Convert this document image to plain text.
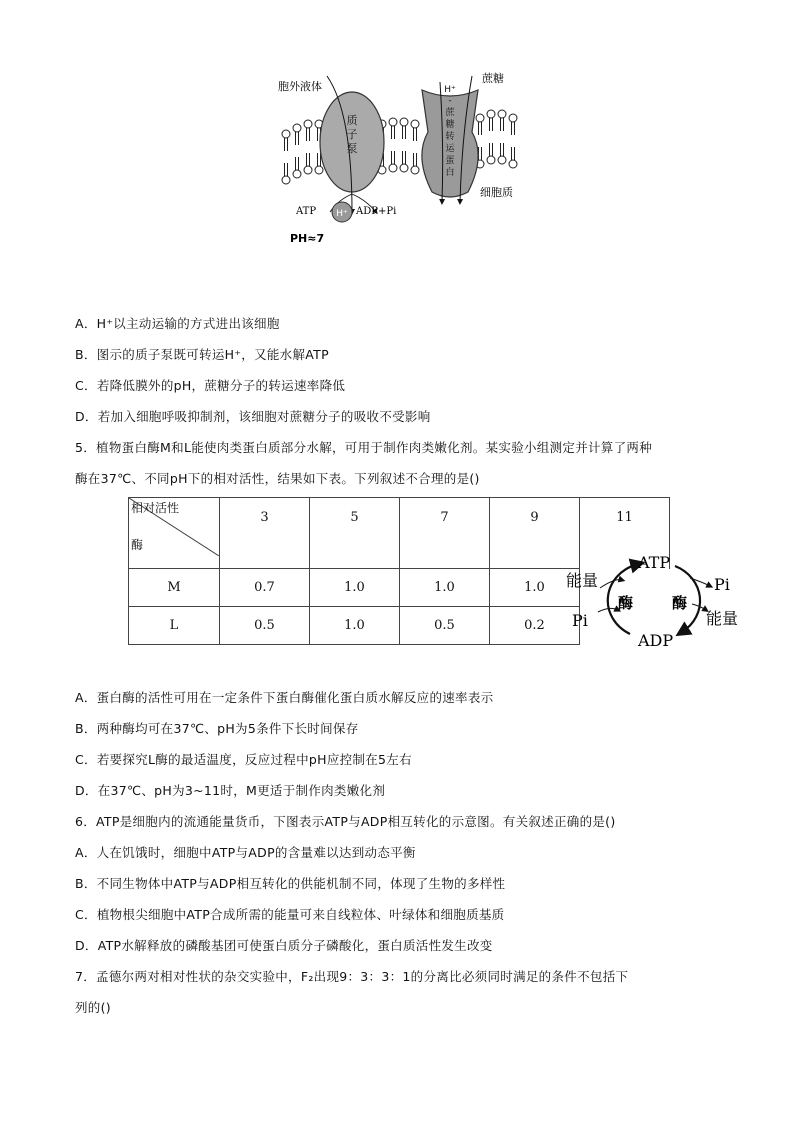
H⁺
胞外液体
蔗糖
细胞质
ATP	ADP+Pi
PH≈7
质子泵
H⁺ -蔗糖转运蛋白
A．H⁺以主动运输的方式进出该细胞
B．图示的质子泵既可转运H⁺，又能水解ATP
C．若降低膜外的pH，蔗糖分子的转运速率降低
D．若加入细胞呼吸抑制剂，该细胞对蔗糖分子的吸收不受影响
5．植物蛋白酶M和L能使肉类蛋白质部分水解，可用于制作肉类嫩化剂。某实验小组测定并计算了两种
酶在37℃、不同pH下的相对活性，结果如下表。下列叙述不合理的是()
相对活性
酶	3	5	7	9	11
M	0.7	1.0	1.0	1.0	
L	0.5	1.0	0.5	0.2	
ATP
ADP
能量
Pi
Pi
能量
酶	酶
A．蛋白酶的活性可用在一定条件下蛋白酶催化蛋白质水解反应的速率表示
B．两种酶均可在37℃、pH为5条件下长时间保存
C．若要探究L酶的最适温度，反应过程中pH应控制在5左右
D．在37℃、pH为3~11时，M更适于制作肉类嫩化剂
6．ATP是细胞内的流通能量货币，下图表示ATP与ADP相互转化的示意图。有关叙述正确的是()
A．人在饥饿时，细胞中ATP与ADP的含量难以达到动态平衡
B．不同生物体中ATP与ADP相互转化的供能机制不同，体现了生物的多样性
C．植物根尖细胞中ATP合成所需的能量可来自线粒体、叶绿体和细胞质基质
D．ATP水解释放的磷酸基团可使蛋白质分子磷酸化，蛋白质活性发生改变
7．孟德尔两对相对性状的杂交实验中，F₂出现9：3：3：1的分离比必须同时满足的条件不包括下
列的()
